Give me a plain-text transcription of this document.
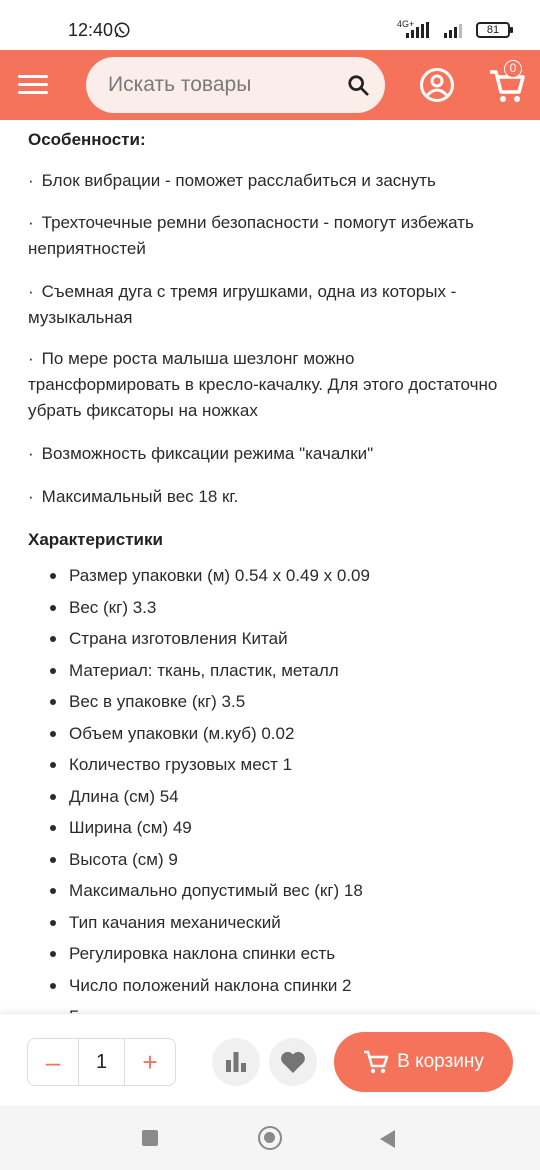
12:40	4G+	81
Искать товары
0
Особенности:
· Блок вибрации - поможет расслабиться и заснуть
· Трехточечные ремни безопасности - помогут избежать неприятностей
· Съемная дуга с тремя игрушками, одна из которых - музыкальная
· По мере роста малыша шезлонг можно трансформировать в кресло-качалку. Для этого достаточно убрать фиксаторы на ножках
· Возможность фиксации режима "качалки"
· Максимальный вес 18 кг.
Характеристики
Размер упаковки (м) 0.54 х 0.49 х 0.09
Вес (кг) 3.3
Страна изготовления Китай
Материал: ткань, пластик, металл
Вес в упаковке (кг) 3.5
Объем упаковки (м.куб) 0.02
Количество грузовых мест 1
Длина (см) 54
Ширина (см) 49
Высота (см) 9
Максимально допустимый вес (кг) 18
Тип качания механический
Регулировка наклона спинки есть
Число положений наклона спинки 2
–	1	+	В корзину
